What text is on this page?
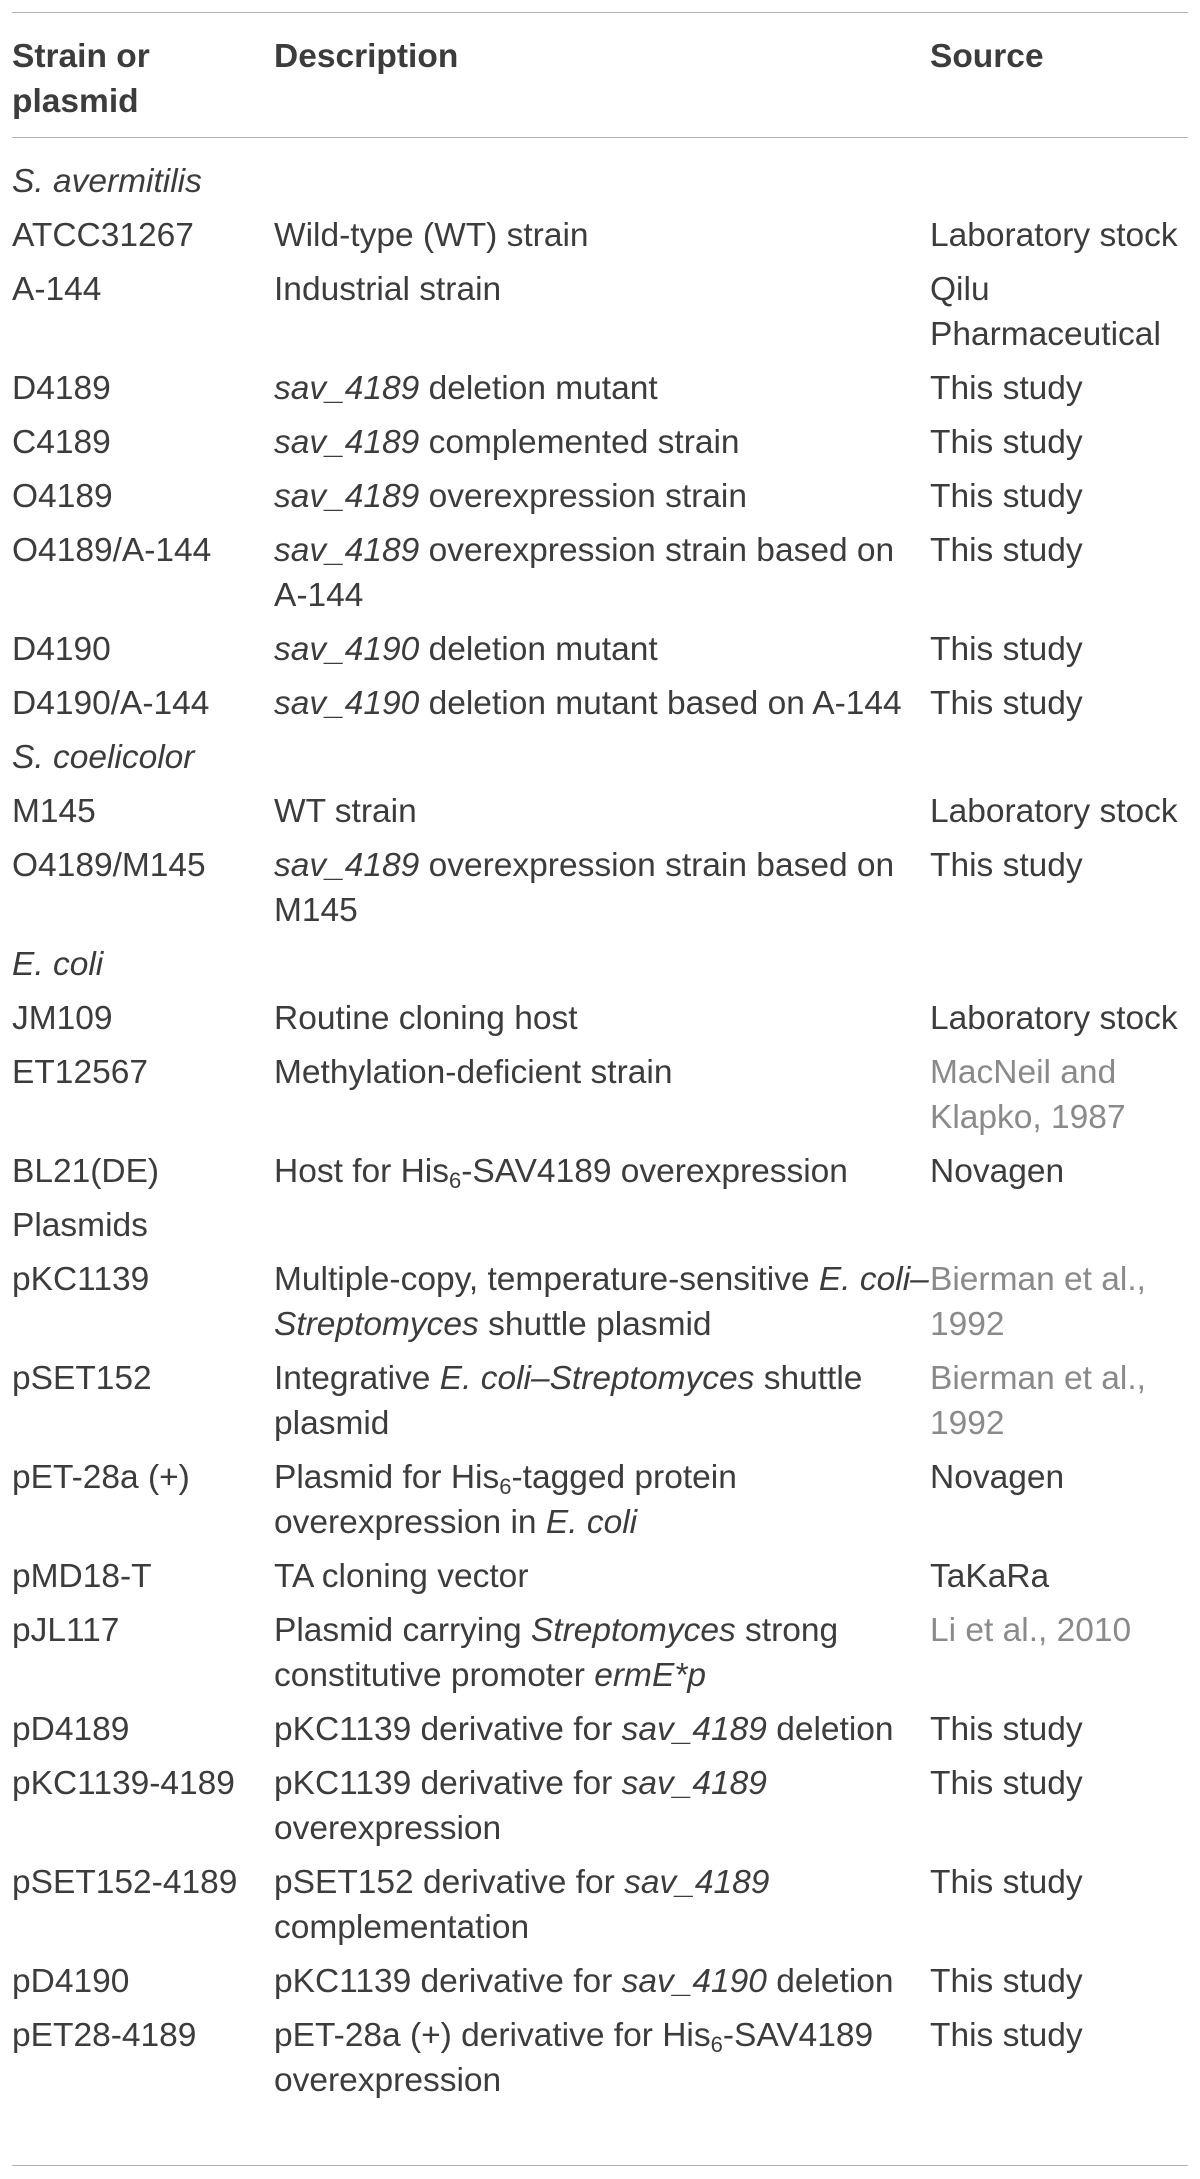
Strain or plasmid	Description	Source
S. avermitilis		
ATCC31267	Wild-type (WT) strain	Laboratory stock
A-144	Industrial strain	Qilu Pharmaceutical
D4189	sav_4189 deletion mutant	This study
C4189	sav_4189 complemented strain	This study
O4189	sav_4189 overexpression strain	This study
O4189/A-144	sav_4189 overexpression strain based on A-144	This study
D4190	sav_4190 deletion mutant	This study
D4190/A-144	sav_4190 deletion mutant based on A-144	This study
S. coelicolor		
M145	WT strain	Laboratory stock
O4189/M145	sav_4189 overexpression strain based on M145	This study
E. coli		
JM109	Routine cloning host	Laboratory stock
ET12567	Methylation-deficient strain	MacNeil and Klapko, 1987
BL21(DE)	Host for His$_6$-SAV4189 overexpression	Novagen
Plasmids		
pKC1139	Multiple-copy, temperature-sensitive E. coli–Streptomyces shuttle plasmid	Bierman et al., 1992
pSET152	Integrative E. coli–Streptomyces shuttle plasmid	Bierman et al., 1992
pET-28a (+)	Plasmid for His$_6$-tagged protein overexpression in E. coli	Novagen
pMD18-T	TA cloning vector	TaKaRa
pJL117	Plasmid carrying Streptomyces strong constitutive promoter ermE*p	Li et al., 2010
pD4189	pKC1139 derivative for sav_4189 deletion	This study
pKC1139-4189	pKC1139 derivative for sav_4189 overexpression	This study
pSET152-4189	pSET152 derivative for sav_4189 complementation	This study
pD4190	pKC1139 derivative for sav_4190 deletion	This study
pET28-4189	pET-28a (+) derivative for His$_6$-SAV4189 overexpression	This study
